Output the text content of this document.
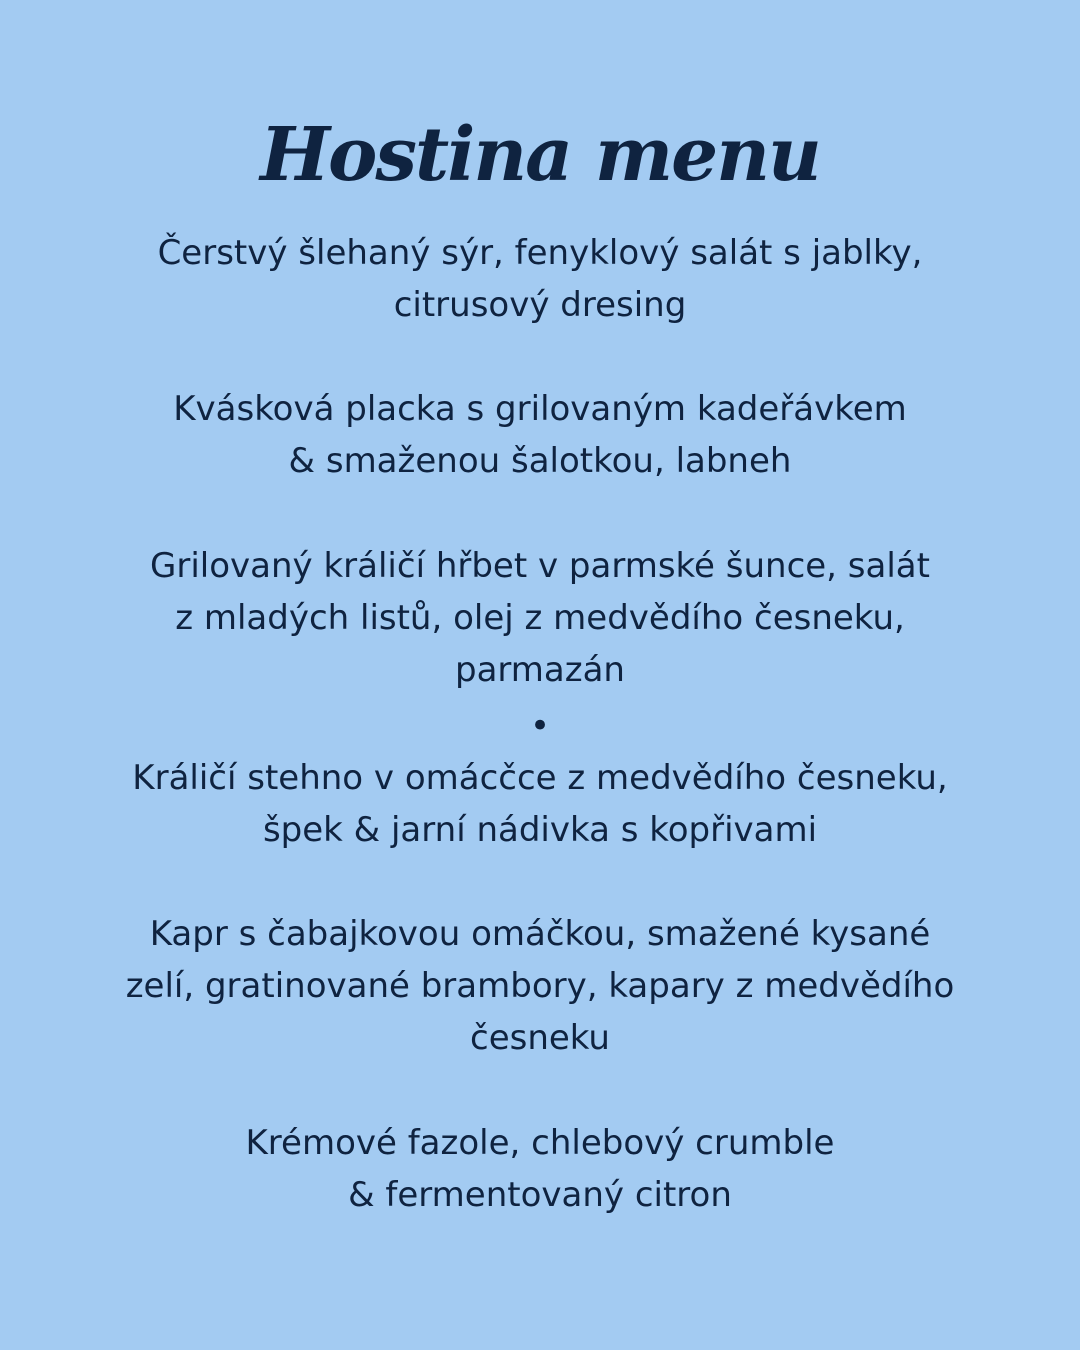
Hostina menu

Čerstvý šlehaný sýr, fenyklový salát s jablky,
citrusový dresing

Kvásková placka s grilovaným kadeřávkem
& smaženou šalotkou, labneh

Grilovaný králičí hřbet v parmské šunce, salát
z mladých listů, olej z medvědího česneku,
parmazán

•

Králičí stehno v omácčce z medvědího česneku,
špek & jarní nádivka s kopřivami

Kapr s čabajkovou omáčkou, smažené kysané
zelí, gratinované brambory, kapary z medvědího
česneku

Krémové fazole, chlebový crumble
& fermentovaný citron
